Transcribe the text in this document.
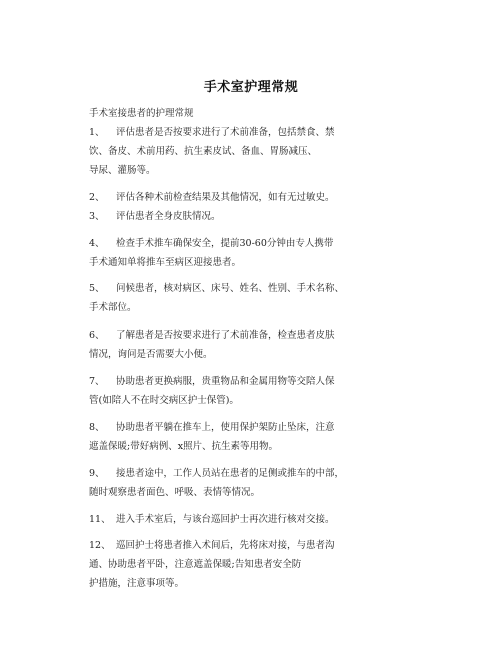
手术室护理常规
手术室接患者的护理常规
1、 评估患者是否按要求进行了术前准备，包括禁食、禁
饮、备皮、术前用药、抗生素皮试、备血、胃肠减压、
导尿、灌肠等。
2、 评估各种术前检查结果及其他情况，如有无过敏史。
3、 评估患者全身皮肤情况。
4、 检查手术推车确保安全，提前30-60分钟由专人携带
手术通知单将推车至病区迎接患者。
5、 问候患者，核对病区、床号、姓名、性别、手术名称、
手术部位。
6、 了解患者是否按要求进行了术前准备，检查患者皮肤
情况，询问是否需要大小便。
7、 协助患者更换病服，贵重物品和金属用物等交陪人保
管(如陪人不在时交病区护士保管)。
8、 协助患者平躺在推车上，使用保护架防止坠床，注意
遮盖保暖;带好病例、x照片、抗生素等用物。
9、 接患者途中，工作人员站在患者的足侧或推车的中部，
随时观察患者面色、呼吸、表情等情况。
11、 进入手术室后，与该台巡回护士再次进行核对交接。
12、 巡回护士将患者推入术间后，先将床对接，与患者沟
通、协助患者平卧，注意遮盖保暖;告知患者安全防
护措施，注意事项等。
